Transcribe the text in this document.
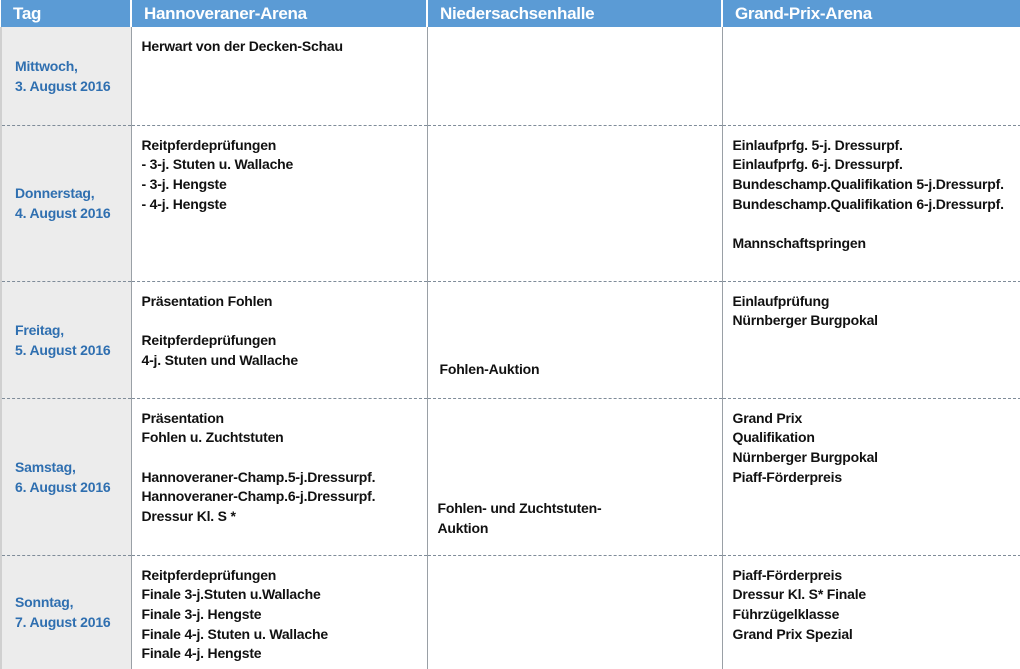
Tag	Hannoveraner-Arena	Niedersachsenhalle	Grand-Prix-Arena

Mittwoch,
3. August 2016	Herwart von der Decken-Schau		

Donnerstag,
4. August 2016	Reitpferdeprüfungen
- 3-j. Stuten u. Wallache
- 3-j. Hengste
- 4-j. Hengste		Einlaufprfg. 5-j. Dressurpf.
Einlaufprfg. 6-j. Dressurpf.
Bundeschamp.Qualifikation 5-j.Dressurpf.
Bundeschamp.Qualifikation 6-j.Dressurpf.
Mannschaftspringen

Freitag,
5. August 2016	Präsentation Fohlen
Reitpferdeprüfungen
4-j. Stuten und Wallache	Fohlen-Auktion	Einlaufprüfung
Nürnberger Burgpokal

Samstag,
6. August 2016	Präsentation
Fohlen u. Zuchtstuten
Hannoveraner-Champ.5-j.Dressurpf.
Hannoveraner-Champ.6-j.Dressurpf.
Dressur Kl. S *	Fohlen- und Zuchtstuten-
Auktion	Grand Prix
Qualifikation
Nürnberger Burgpokal
Piaff-Förderpreis

Sonntag,
7. August 2016	Reitpferdeprüfungen
Finale 3-j.Stuten u.Wallache
Finale 3-j. Hengste
Finale 4-j. Stuten u. Wallache
Finale 4-j. Hengste		Piaff-Förderpreis
Dressur Kl. S* Finale
Führzügelklasse
Grand Prix Spezial
